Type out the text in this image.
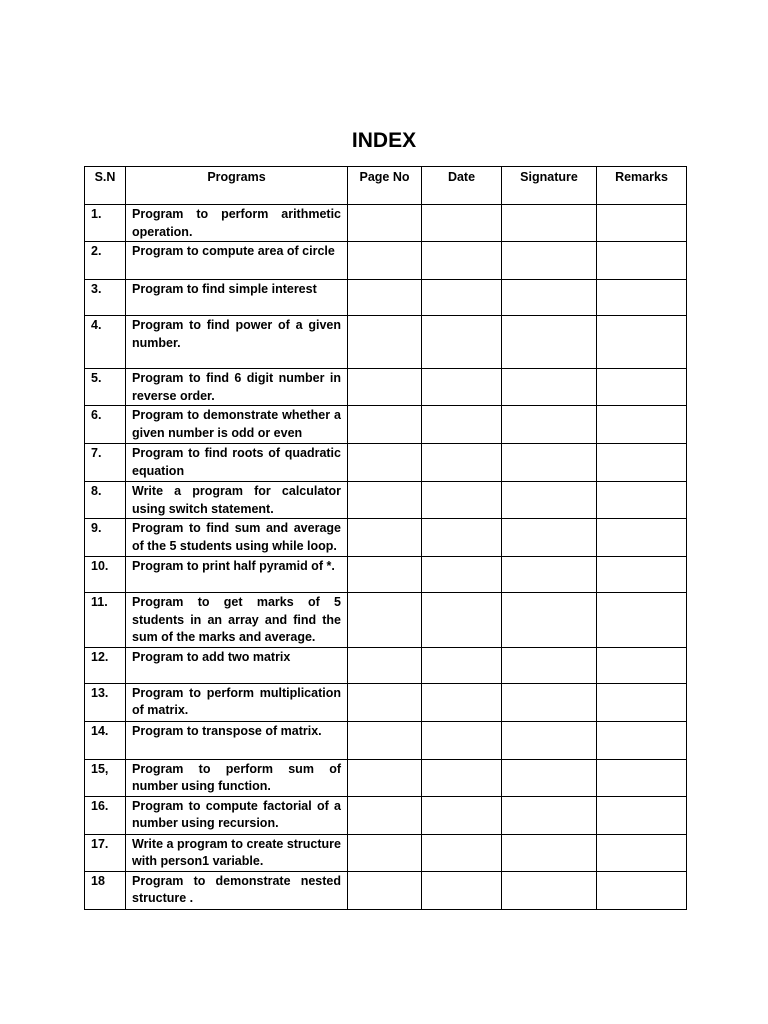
INDEX
S.N	Programs	Page No	Date	Signature	Remarks
1.	Program to perform arithmetic operation.				
2.	Program to compute area of circle				
3.	Program to find simple interest				
4.	Program to find power of a given number.				
5.	Program to find 6 digit number in reverse order.				
6.	Program to demonstrate whether a given number is odd or even				
7.	Program to find roots of quadratic equation				
8.	Write a program for calculator using switch statement.				
9.	Program to find sum and average of the 5 students using while loop.				
10.	Program to print half pyramid of *.				
11.	Program to get marks of 5 students in an array and find the sum of the marks and average.				
12.	Program to add two matrix				
13.	Program to perform multiplication of matrix.				
14.	Program to transpose of matrix.				
15,	Program to perform sum of number using function.				
16.	Program to compute factorial of a number using recursion.				
17.	Write a program to create structure with person1 variable.				
18	Program to demonstrate nested structure .				
